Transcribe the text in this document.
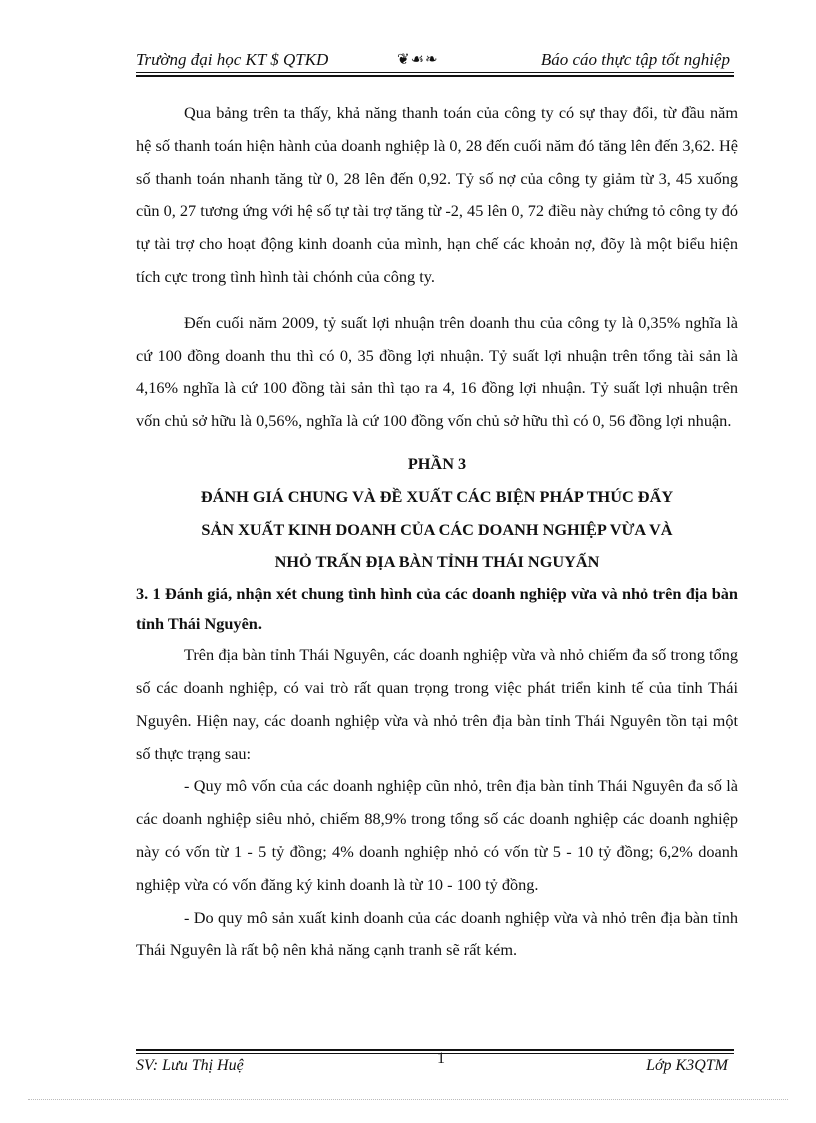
Trường đại học KT $ QTKD	❦☙❧	Báo cáo thực tập tốt nghiệp

Qua bảng trên ta thấy, khả năng thanh toán của công ty có sự thay đổi, từ đầu năm hệ số thanh toán hiện hành của doanh nghiệp là 0, 28 đến cuối năm đó tăng lên đến 3,62. Hệ số thanh toán nhanh tăng từ 0, 28 lên đến 0,92. Tỷ số nợ của công ty giảm từ 3, 45 xuống cũn 0, 27 tương ứng với hệ số tự tài trợ tăng từ -2, 45 lên 0, 72 điều này chứng tỏ công ty đó tự tài trợ cho hoạt động kinh doanh của mình, hạn chế các khoản nợ, đõy là một biểu hiện tích cực trong tình hình tài chónh của công ty.

Đến cuối năm 2009, tỷ suất lợi nhuận trên doanh thu của công ty là 0,35% nghĩa là cứ 100 đồng doanh thu thì có 0, 35 đồng lợi nhuận. Tỷ suất lợi nhuận trên tổng tài sản là 4,16% nghĩa là cứ 100 đồng tài sản thì tạo ra 4, 16 đồng lợi nhuận. Tỷ suất lợi nhuận trên vốn chủ sở hữu là 0,56%, nghĩa là cứ 100 đồng vốn chủ sở hữu thì có 0, 56 đồng lợi nhuận.

PHẦN 3

ĐÁNH GIÁ CHUNG VÀ ĐỀ XUẤT CÁC BIỆN PHÁP THÚC ĐẨY

SẢN XUẤT KINH DOANH CỦA CÁC DOANH NGHIỆP VỪA VÀ

NHỎ TRẤN ĐỊA BÀN TỈNH THÁI NGUYẤN

3. 1 Đánh giá, nhận xét chung tình hình của các doanh nghiệp vừa và nhỏ trên địa bàn tỉnh Thái Nguyên.

Trên địa bàn tỉnh Thái Nguyên, các doanh nghiệp vừa và nhỏ chiếm đa số trong tổng số các doanh nghiệp, có vai trò rất quan trọng trong việc phát triển kinh tế của tỉnh Thái Nguyên. Hiện nay, các doanh nghiệp vừa và nhỏ trên địa bàn tỉnh Thái Nguyên tồn tại một số thực trạng sau:

- Quy mô vốn của các doanh nghiệp cũn nhỏ, trên địa bàn tỉnh Thái Nguyên đa số là các doanh nghiệp siêu nhỏ, chiếm 88,9% trong tổng số các doanh nghiệp các doanh nghiệp này có vốn từ 1 - 5 tỷ đồng; 4% doanh nghiệp nhỏ có vốn từ 5 - 10 tỷ đồng; 6,2% doanh nghiệp vừa có vốn đăng ký kinh doanh là từ 10 - 100 tỷ đồng.

- Do quy mô sản xuất kinh doanh của các doanh nghiệp vừa và nhỏ trên địa bàn tỉnh Thái Nguyên là rất bộ nên khả năng cạnh tranh sẽ rất kém.

SV: Lưu Thị Huệ	1	Lớp K3QTM
